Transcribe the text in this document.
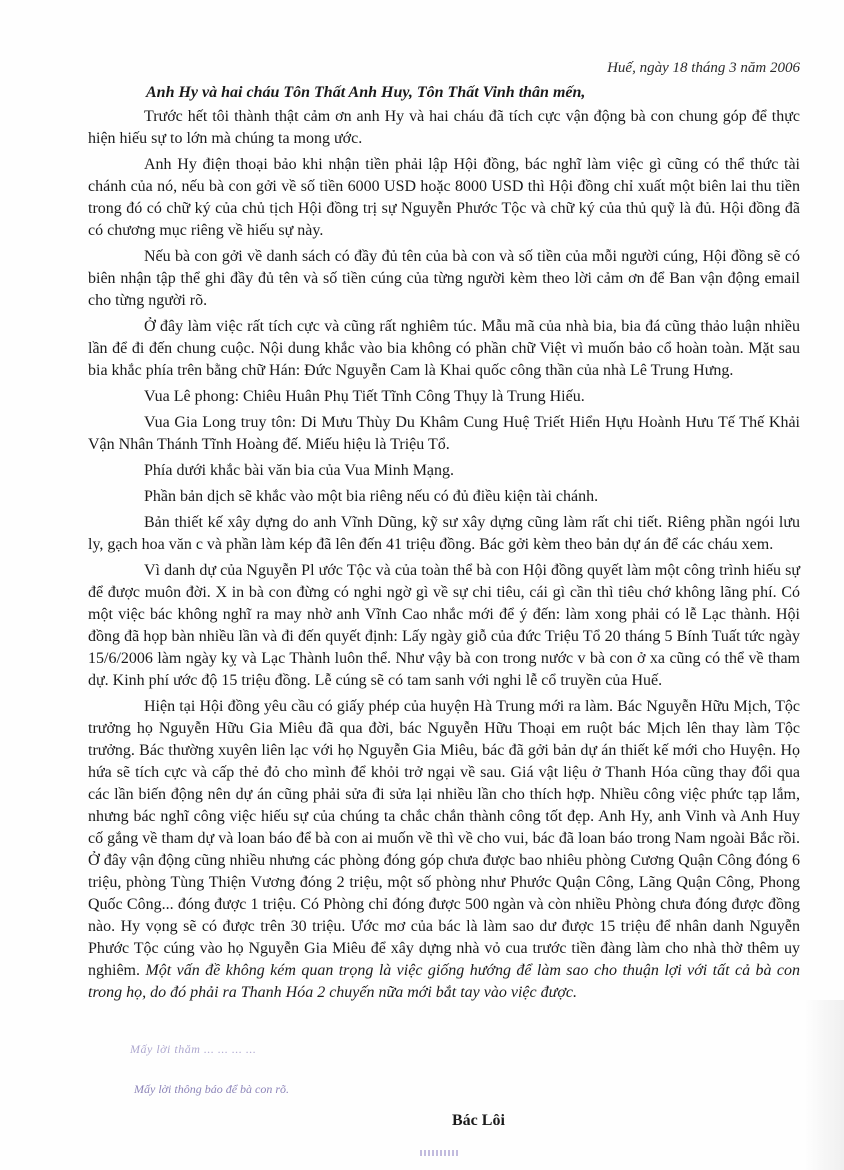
Huế, ngày 18 tháng 3 năm 2006
Anh Hy và hai cháu Tôn Thất Anh Huy, Tôn Thất Vinh thân mến,

Trước hết tôi thành thật cảm ơn anh Hy và hai cháu đã tích cực vận động bà con chung góp để thực hiện hiếu sự to lớn mà chúng ta mong ước.

Anh Hy điện thoại bảo khi nhận tiền phải lập Hội đồng, bác nghĩ làm việc gì cũng có thể thức tài chánh của nó, nếu bà con gởi về số tiền 6000 USD hoặc 8000 USD thì Hội đồng chỉ xuất một biên lai thu tiền trong đó có chữ ký của chủ tịch Hội đồng trị sự Nguyễn Phước Tộc và chữ ký của thủ quỹ là đủ. Hội đồng đã có chương mục riêng về hiếu sự này.

Nếu bà con gởi về danh sách có đầy đủ tên của bà con và số tiền của mỗi người cúng, Hội đồng sẽ có biên nhận tập thể ghi đầy đủ tên và số tiền cúng của từng người kèm theo lời cảm ơn để Ban vận động email cho từng người rõ.

Ở đây làm việc rất tích cực và cũng rất nghiêm túc. Mẫu mã của nhà bia, bia đá cũng thảo luận nhiều lần để đi đến chung cuộc. Nội dung khắc vào bia không có phần chữ Việt vì muốn bảo cổ hoàn toàn. Mặt sau bia khắc phía trên bằng chữ Hán: Đức Nguyễn Cam là Khai quốc công thần của nhà Lê Trung Hưng.

Vua Lê phong: Chiêu Huân Phụ Tiết Tĩnh Công Thụy là Trung Hiếu.

Vua Gia Long truy tôn: Di Mưu Thùy Du Khâm Cung Huệ Triết Hiển Hựu Hoành Hưu Tế Thế Khải Vận Nhân Thánh Tĩnh Hoàng đế. Miếu hiệu là Triệu Tổ.

Phía dưới khắc bài văn bia của Vua Minh Mạng.

Phần bản dịch sẽ khắc vào một bia riêng nếu có đủ điều kiện tài chánh.

Bản thiết kế xây dựng do anh Vĩnh Dũng, kỹ sư xây dựng cũng làm rất chi tiết. Riêng phần ngói lưu ly, gạch hoa văn c và phần làm kép đã lên đến 41 triệu đồng. Bác gởi kèm theo bản dự án để các cháu xem.

Vì danh dự của Nguyễn Pl ước Tộc và của toàn thể bà con Hội đồng quyết làm một công trình hiếu sự để được muôn đời. X in bà con đừng có nghi ngờ gì về sự chi tiêu, cái gì cần thì tiêu chớ không lãng phí. Có một việc bác không nghĩ ra may nhờ anh Vĩnh Cao nhắc mới để ý đến: làm xong phải có lễ Lạc thành. Hội đồng đã họp bàn nhiều lần và đi đến quyết định: Lấy ngày giỗ của đức Triệu Tổ 20 tháng 5 Bính Tuất tức ngày 15/6/2006 làm ngày kỵ và Lạc Thành luôn thể. Như vậy bà con trong nước v bà con ở xa cũng có thể về tham dự. Kinh phí ước độ 15 triệu đồng. Lễ cúng sẽ có tam sanh với nghi lễ cổ truyền của Huế.

Hiện tại Hội đồng yêu cầu có giấy phép của huyện Hà Trung mới ra làm. Bác Nguyễn Hữu Mịch, Tộc trưởng họ Nguyễn Hữu Gia Miêu đã qua đời, bác Nguyễn Hữu Thoại em ruột bác Mịch lên thay làm Tộc trưởng. Bác thường xuyên liên lạc với họ Nguyễn Gia Miêu, bác đã gởi bản dự án thiết kế mới cho Huyện. Họ hứa sẽ tích cực và cấp thẻ đỏ cho mình để khỏi trở ngại về sau. Giá vật liệu ở Thanh Hóa cũng thay đổi qua các lần biến động nên dự án cũng phải sửa đi sửa lại nhiều lần cho thích hợp. Nhiều công việc phức tạp lắm, nhưng bác nghĩ công việc hiếu sự của chúng ta chắc chắn thành công tốt đẹp. Anh Hy, anh Vinh và Anh Huy cố gắng về tham dự và loan báo để bà con ai muốn về thì về cho vui, bác đã loan báo trong Nam ngoài Bắc rồi. Ở đây vận động cũng nhiều nhưng các phòng đóng góp chưa được bao nhiêu phòng Cương Quận Công đóng 6 triệu, phòng Tùng Thiện Vương đóng 2 triệu, một số phòng như Phước Quận Công, Lãng Quận Công, Phong Quốc Công... đóng được 1 triệu. Có Phòng chỉ đóng được 500 ngàn và còn nhiều Phòng chưa đóng được đồng nào. Hy vọng sẽ có được trên 30 triệu. Ước mơ của bác là làm sao dư được 15 triệu để nhân danh Nguyễn Phước Tộc cúng vào họ Nguyễn Gia Miêu để xây dựng nhà vỏ cua trước tiền đàng làm cho nhà thờ thêm uy nghiêm. Một vấn đề không kém quan trọng là việc giống hướng để làm sao cho thuận lợi với tất cả bà con trong họ, do đó phải ra Thanh Hóa 2 chuyến nữa mới bắt tay vào việc được.

Mấy lời thăm ... ... ... ...
Mấy lời thông báo để bà con rõ.
Bác Lôi
